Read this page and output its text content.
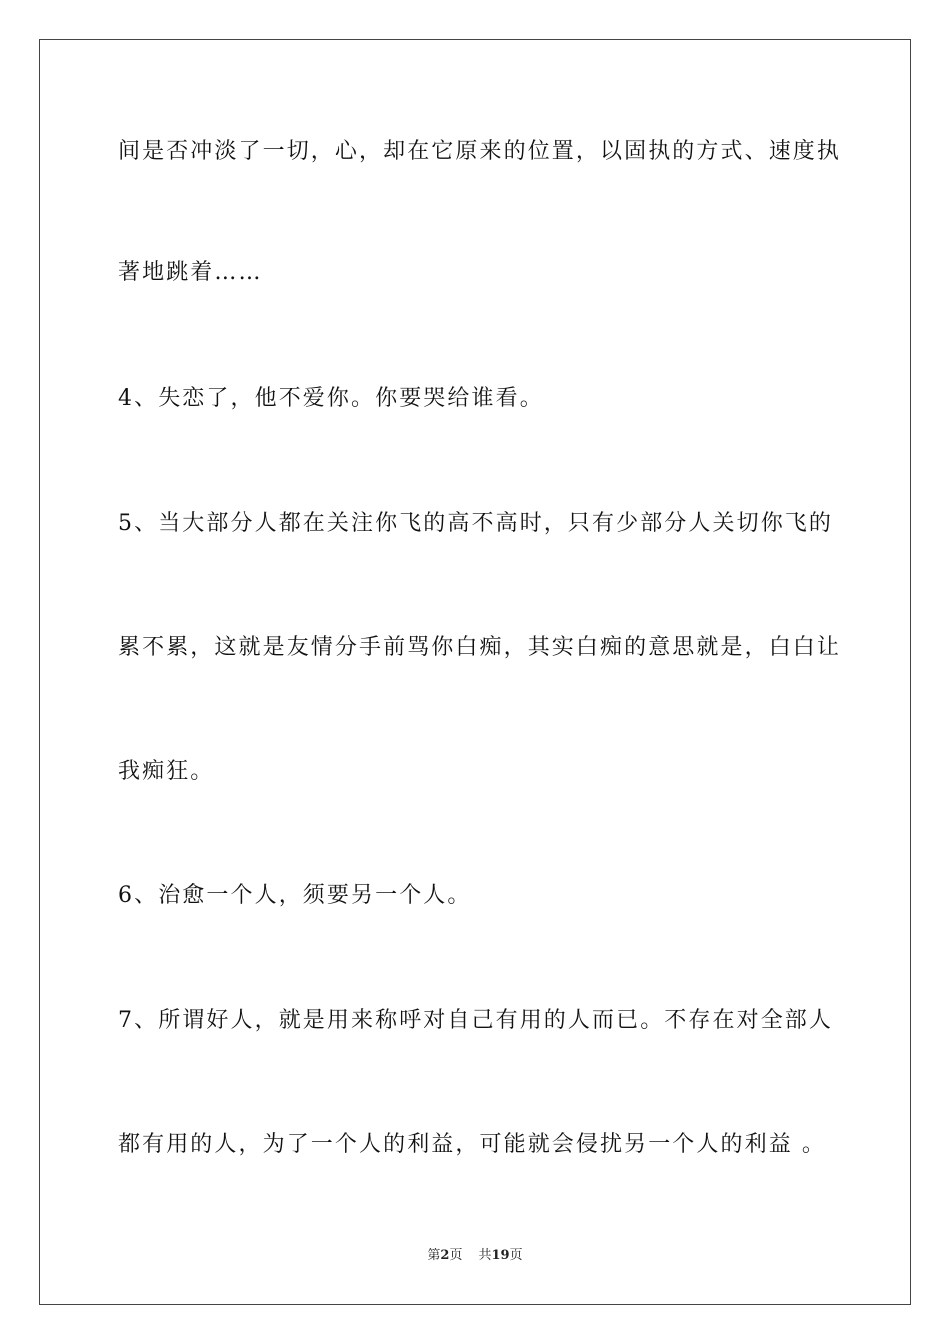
间是否冲淡了一切，心，却在它原来的位置，以固执的方式、速度执
著地跳着……
4、失恋了，他不爱你。你要哭给谁看。
5、当大部分人都在关注你飞的高不高时，只有少部分人关切你飞的
累不累，这就是友情分手前骂你白痴，其实白痴的意思就是，白白让
我痴狂。
6、治愈一个人，须要另一个人。
7、所谓好人，就是用来称呼对自己有用的人而已。不存在对全部人
都有用的人，为了一个人的利益，可能就会侵扰另一个人的利益 。
第2页 共19页
